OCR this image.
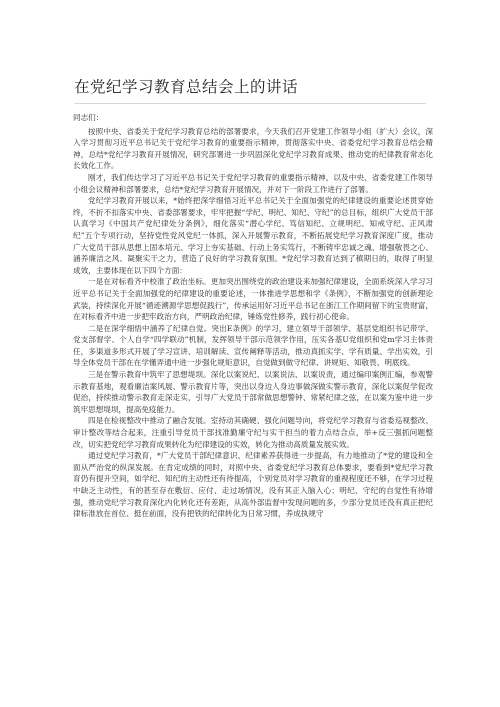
在党纪学习教育总结会上的讲话

同志们：

按照中央、省委关于党纪学习教育总结的部署要求，今天我们召开党建工作领导小组（扩大）会议，深入学习贯彻习近平总书记关于党纪学习教育的重要指示精神，贯彻落实中央、省委党纪学习教育总结会精神，总结*党纪学习教育开展情况，研究部署进一步巩固深化党纪学习教育成果、推动党的纪律教育常态化长效化工作。

刚才，我们传达学习了习近平总书记关于党纪学习教育的重要指示精神，以及中央、省委党建工作领导小组会议精神和部署要求，总结*党纪学习教育开展情况，并对下一阶段工作进行了部署。

党纪学习教育开展以来，*始终把深学细悟习近平总书记关于全面加强党的纪律建设的重要论述贯穿始终，不折不扣落实中央、省委部署要求，牢牢把握“学纪、明纪、知纪、守纪”的总目标，组织广大党员干部认真学习《中国共产党纪律处分条例》，细化落实“潜心学纪、笃信知纪、立规明纪、知戒守纪、正风肃纪”五个专项行动，坚持党性党风党纪一体抓，深入开展警示教育，不断拓展党纪学习教育深度广度，推动广大党员干部从思想上固本培元、学习上夯实基础、行动上务实笃行，不断铸牢忠诚之魂、增强敬畏之心、涵养廉洁之风、凝聚实干之力，营造了良好的学习教育氛围。*党纪学习教育达到了稹期日的，取得了明显成效，主要体现在以下四个方面：

一是在对标看齐中校准了政治坐标。更加突出围绕党的政治建设来加强纪律建设，全面系统深入学习习近平总书记关于全面加强党的纪律建设的重要论述，一体推进学思想和学《条例》，不断加强党的创新理论武装，持续深化开展“循迹溯源学思想促践行”，传承运用好习近平总书记在浙江工作期间留下的宝贵财富，在对标看齐中进一步把牢政治方向，严明政治纪律，锤炼党性修养，践行初心使命。

二是在深学细悟中涵养了纪律自觉。突出E条例》的学习，建立领导干部领学、基层党组织书记带学、党支部督学、个人自学“四学联动”机制，发挥领导干部示范领学作用，压实各基U党组织和党m学习主体责任，多渠道多形式开展了学习宣讲、培训解读、宣传阐释等活动，推动真抓实学、学有质量、学出实效，引导全体党员干部在在学懂弄通中进一步强化规矩意识，自觉做到做守纪律、讲规矩、知敬畏、明底线。

三是在警示教育中筑牢了思想堤坝。深化以案说纪、以案说法、以案说责，通过编印案例汇编，参观警示教育基地，观看廉洁案风展、警示教育片等，突出以身边人身边事做深做实警示教育，深化以案促学促改促治，持续推动警示教育走深走实，引导广大党员干部常做思想警钟、常紧纪律之弦，在以案为鉴中进一步筑牢思想堤坝，提高免疫能力。

四是在检视整改中推动了融合发展。室持动其确硬、强化问题导向，将党纪学习教育与省委巡视整改、审计整改等结合起来，注重引导党员干部找准勤廉守纪与实干担当的着力点结合点，举+反三强抓问题整改，切实把党纪学习教育成果转化为纪律建设的实效，转化为推动高质量发展实效。

通过党纪学习教育，*广大党员干部纪律意识、纪律素养获得进一步提高，有力地推动了*党的建设和全面从严治党的纵深发展。在肯定成绩的同时，对照中央、省委党纪学习教育总体要求，要看到*党纪学习教育仍有提升空间，如学纪、知纪的主动性还有待提高，个别党员对学习教育的重视程度还不够，在学习过程中缺乏主动性，有的甚至存在敷衍、应付、走过场情况，没有其正入脑入心；明纪、守纪的自觉性有待增强，推动党纪学习教育深化内化转化还有差距，从高外部监督中发现问题的多，少部分党员还没有真正把纪律标准放在首位、挺在前面，没有把铁的纪律转化为日常习惯，养成执规守
